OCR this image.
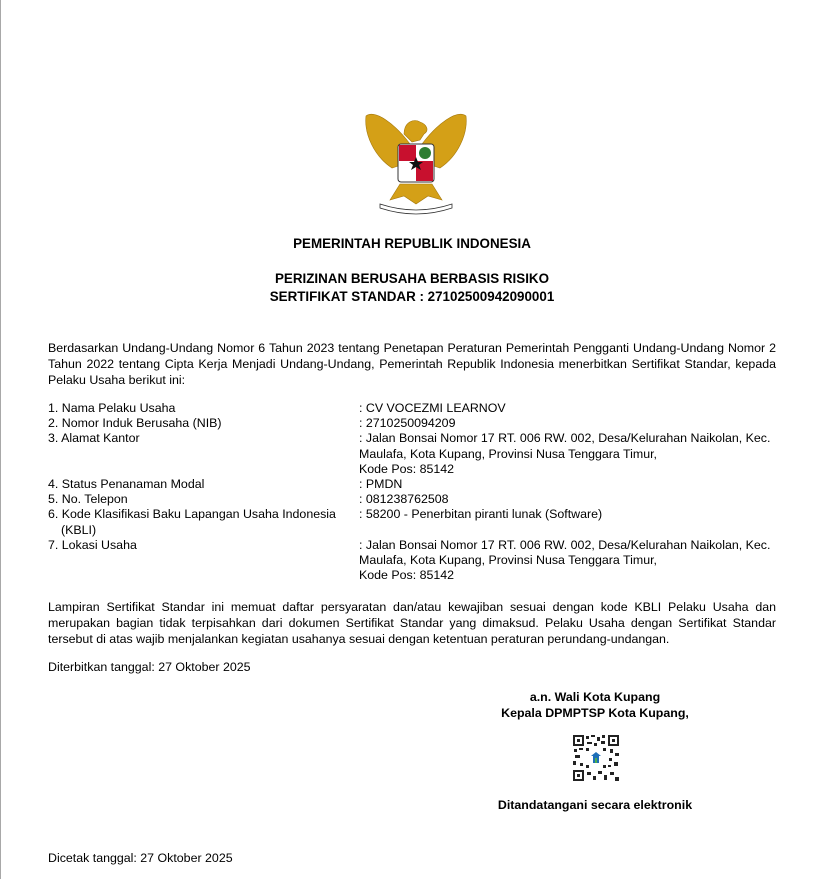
PEMERINTAH REPUBLIK INDONESIA
PERIZINAN BERUSAHA BERBASIS RISIKO
SERTIFIKAT STANDAR : 27102500942090001
Berdasarkan Undang-Undang Nomor 6 Tahun 2023 tentang Penetapan Peraturan Pemerintah Pengganti Undang-Undang Nomor 2 Tahun 2022 tentang Cipta Kerja Menjadi Undang-Undang, Pemerintah Republik Indonesia menerbitkan Sertifikat Standar, kepada Pelaku Usaha berikut ini:
1. Nama Pelaku Usaha	: CV VOCEZMI LEARNOV
2. Nomor Induk Berusaha (NIB)	: 2710250094209
3. Alamat Kantor	: Jalan Bonsai Nomor 17 RT. 006 RW. 002, Desa/Kelurahan Naikolan, Kec.
Maulafa, Kota Kupang, Provinsi Nusa Tenggara Timur,
Kode Pos: 85142
4. Status Penanaman Modal	: PMDN
5. No. Telepon	: 081238762508
6. Kode Klasifikasi Baku Lapangan Usaha Indonesia (KBLI)
: 58200 - Penerbitan piranti lunak (Software)
7. Lokasi Usaha	: Jalan Bonsai Nomor 17 RT. 006 RW. 002, Desa/Kelurahan Naikolan, Kec.
Maulafa, Kota Kupang, Provinsi Nusa Tenggara Timur,
Kode Pos: 85142
Lampiran Sertifikat Standar ini memuat daftar persyaratan dan/atau kewajiban sesuai dengan kode KBLI Pelaku Usaha dan merupakan bagian tidak terpisahkan dari dokumen Sertifikat Standar yang dimaksud. Pelaku Usaha dengan Sertifikat Standar tersebut di atas wajib menjalankan kegiatan usahanya sesuai dengan ketentuan peraturan perundang-undangan.
Diterbitkan tanggal: 27 Oktober 2025
a.n. Wali Kota Kupang
Kepala DPMPTSP Kota Kupang,
Ditandatangani secara elektronik
Dicetak tanggal: 27 Oktober 2025
